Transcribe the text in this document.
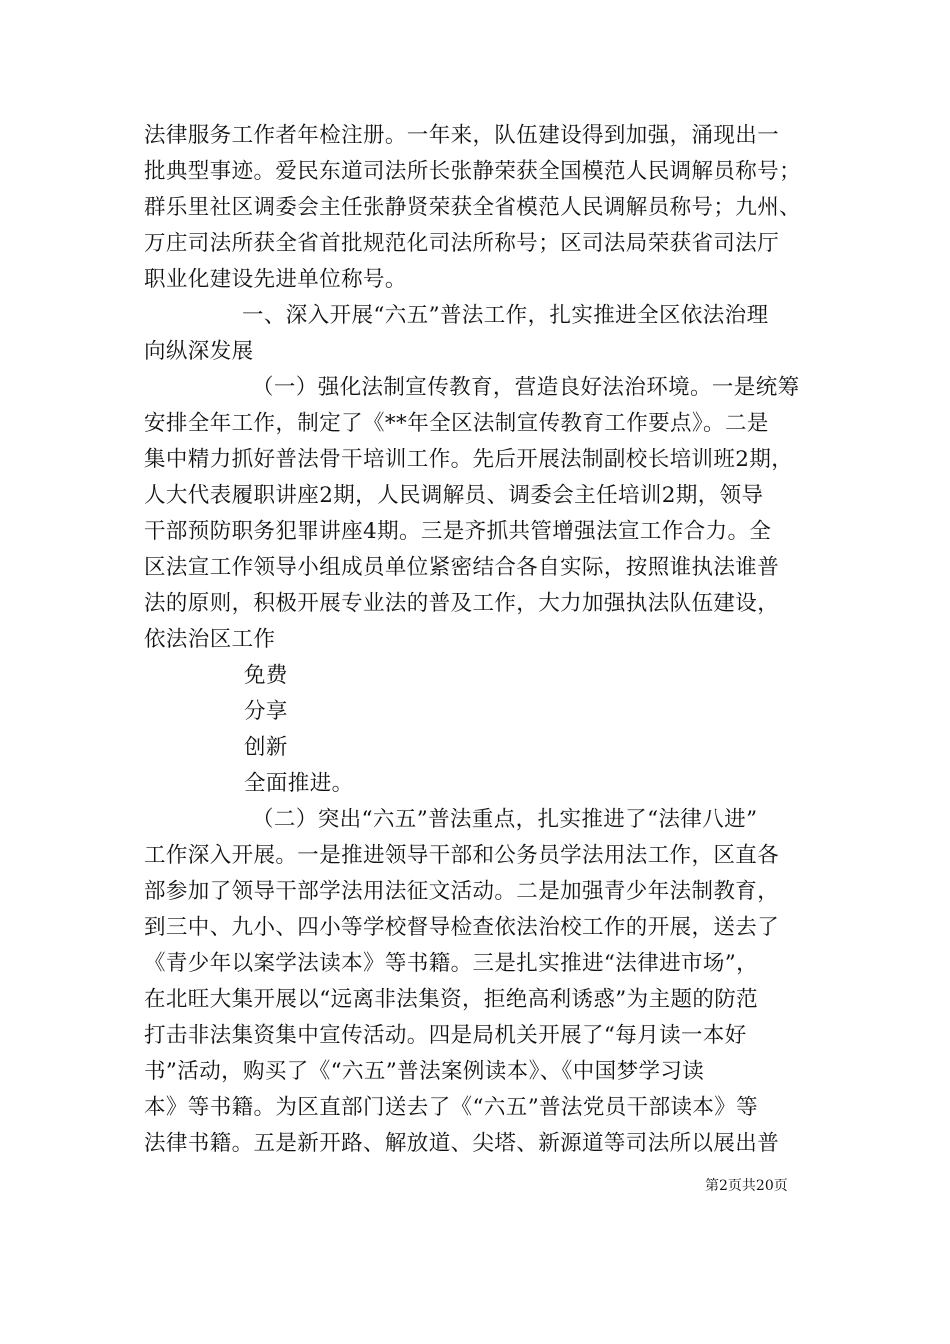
法律服务工作者年检注册。一年来，队伍建设得到加强，涌现出一
批典型事迹。爱民东道司法所长张静荣获全国模范人民调解员称号；
群乐里社区调委会主任张静贤荣获全省模范人民调解员称号；九州、
万庄司法所获全省首批规范化司法所称号；区司法局荣获省司法厅
职业化建设先进单位称号。
一、深入开展“六五”普法工作，扎实推进全区依法治理
向纵深发展
（一）强化法制宣传教育，营造良好法治环境。一是统筹
安排全年工作，制定了《**年全区法制宣传教育工作要点》。二是
集中精力抓好普法骨干培训工作。先后开展法制副校长培训班2期，
人大代表履职讲座2期，人民调解员、调委会主任培训2期，领导
干部预防职务犯罪讲座4期。三是齐抓共管增强法宣工作合力。全
区法宣工作领导小组成员单位紧密结合各自实际，按照谁执法谁普
法的原则，积极开展专业法的普及工作，大力加强执法队伍建设，
依法治区工作
免费
分享
创新
全面推进。
（二）突出“六五”普法重点，扎实推进了“法律八进”
工作深入开展。一是推进领导干部和公务员学法用法工作，区直各
部参加了领导干部学法用法征文活动。二是加强青少年法制教育，
到三中、九小、四小等学校督导检查依法治校工作的开展，送去了
《青少年以案学法读本》等书籍。三是扎实推进“法律进市场”，
在北旺大集开展以“远离非法集资，拒绝高利诱惑”为主题的防范
打击非法集资集中宣传活动。四是局机关开展了“每月读一本好
书”活动，购买了《“六五”普法案例读本》、《中国梦学习读
本》等书籍。为区直部门送去了《“六五”普法党员干部读本》等
法律书籍。五是新开路、解放道、尖塔、新源道等司法所以展出普
第2页共20页
